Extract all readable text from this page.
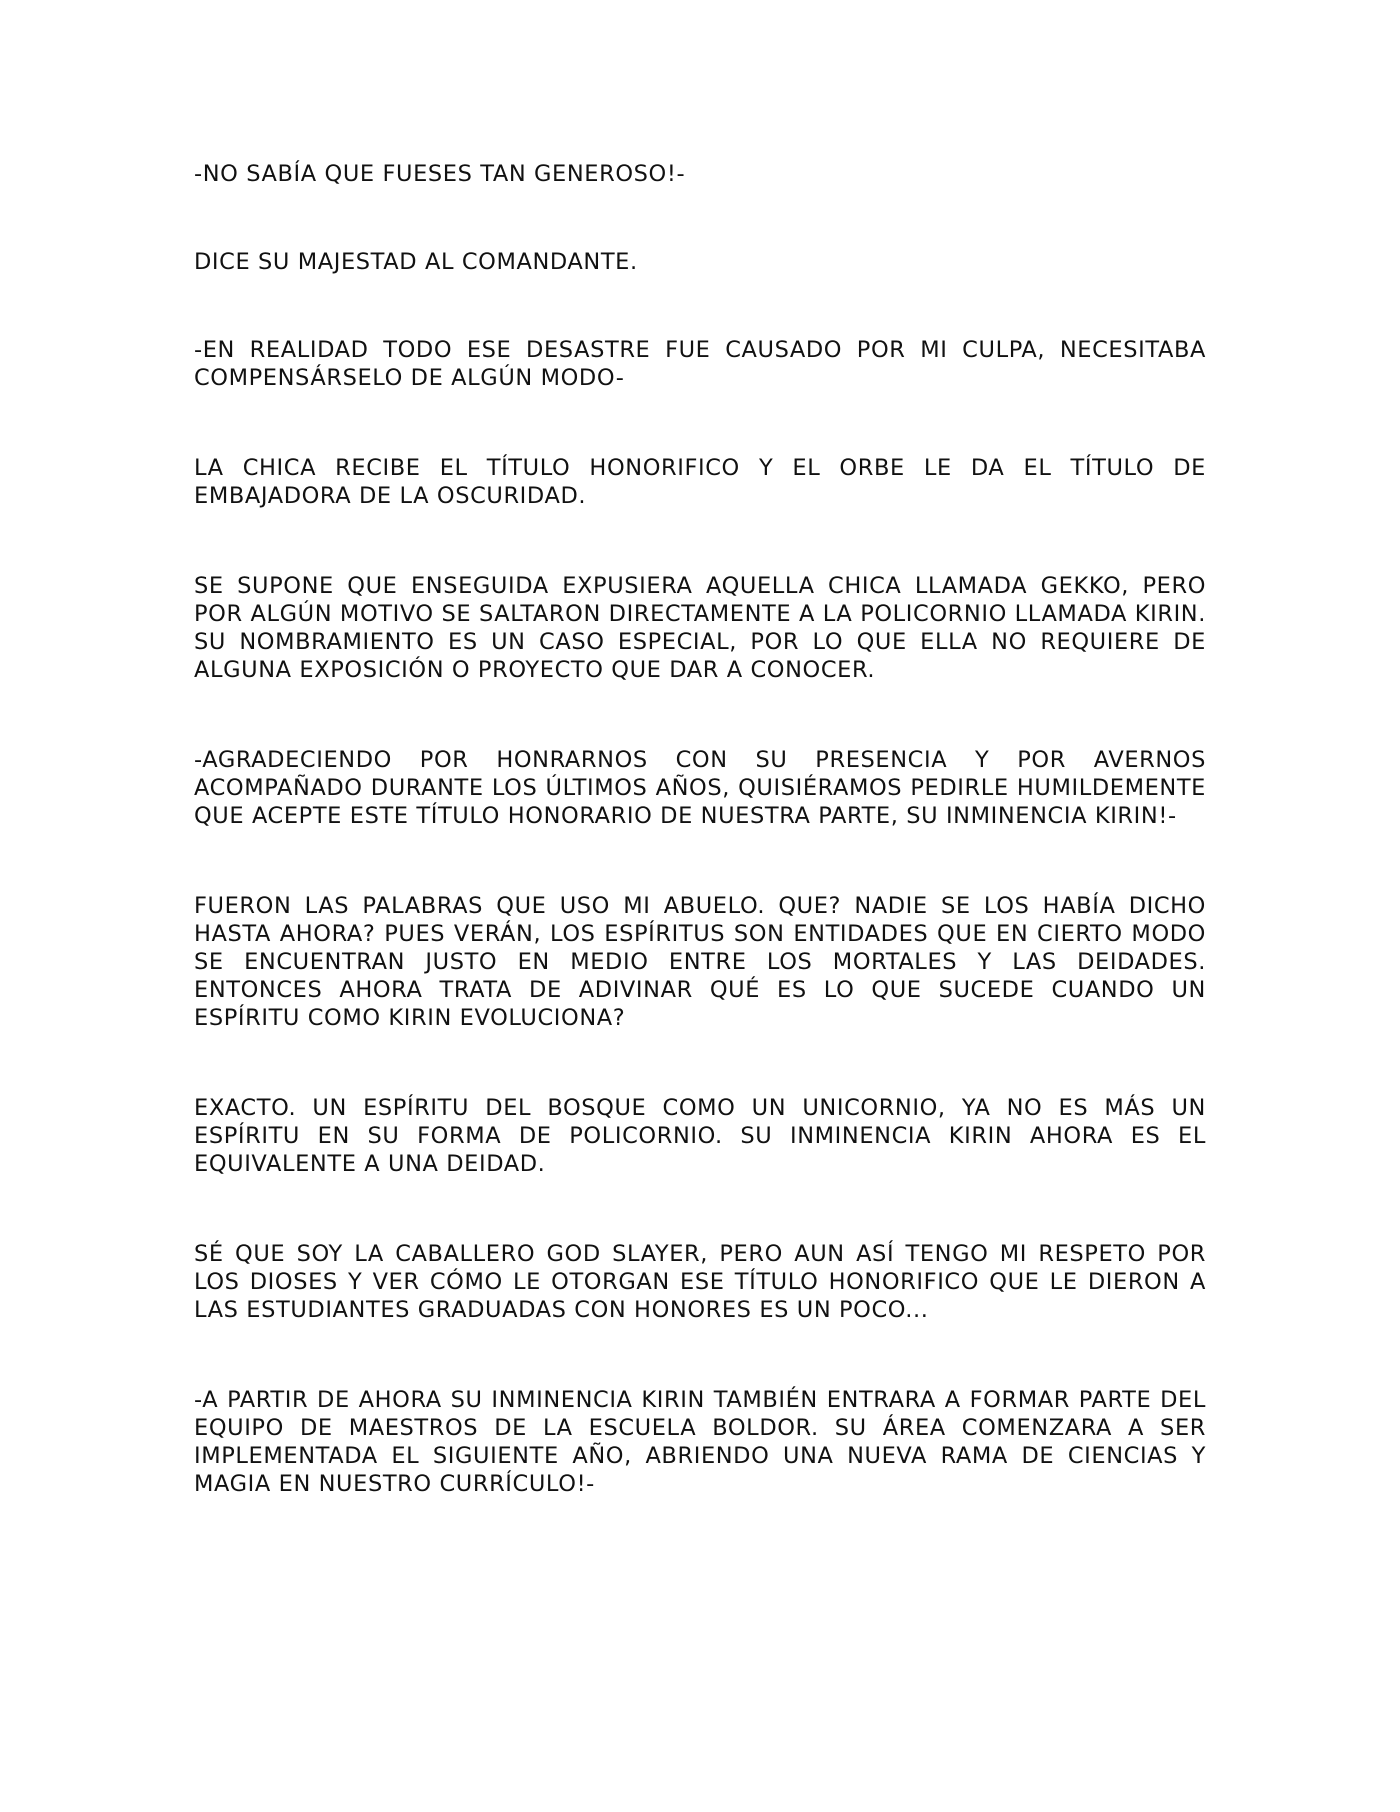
-NO SABÍA QUE FUESES TAN GENEROSO!-

DICE SU MAJESTAD AL COMANDANTE.

-EN REALIDAD TODO ESE DESASTRE FUE CAUSADO POR MI CULPA, NECESITABA COMPENSÁRSELO DE ALGÚN MODO-

LA CHICA RECIBE EL TÍTULO HONORIFICO Y EL ORBE LE DA EL TÍTULO DE EMBAJADORA DE LA OSCURIDAD.

SE SUPONE QUE ENSEGUIDA EXPUSIERA AQUELLA CHICA LLAMADA GEKKO, PERO POR ALGÚN MOTIVO SE SALTARON DIRECTAMENTE A LA POLICORNIO LLAMADA KIRIN. SU NOMBRAMIENTO ES UN CASO ESPECIAL, POR LO QUE ELLA NO REQUIERE DE ALGUNA EXPOSICIÓN O PROYECTO QUE DAR A CONOCER.

-AGRADECIENDO POR HONRARNOS CON SU PRESENCIA Y POR AVERNOS ACOMPAÑADO DURANTE LOS ÚLTIMOS AÑOS, QUISIÉRAMOS PEDIRLE HUMILDEMENTE QUE ACEPTE ESTE TÍTULO HONORARIO DE NUESTRA PARTE, SU INMINENCIA KIRIN!-

FUERON LAS PALABRAS QUE USO MI ABUELO. QUE? NADIE SE LOS HABÍA DICHO HASTA AHORA? PUES VERÁN, LOS ESPÍRITUS SON ENTIDADES QUE EN CIERTO MODO SE ENCUENTRAN JUSTO EN MEDIO ENTRE LOS MORTALES Y LAS DEIDADES. ENTONCES AHORA TRATA DE ADIVINAR QUÉ ES LO QUE SUCEDE CUANDO UN ESPÍRITU COMO KIRIN EVOLUCIONA?

EXACTO. UN ESPÍRITU DEL BOSQUE COMO UN UNICORNIO, YA NO ES MÁS UN ESPÍRITU EN SU FORMA DE POLICORNIO. SU INMINENCIA KIRIN AHORA ES EL EQUIVALENTE A UNA DEIDAD.

SÉ QUE SOY LA CABALLERO GOD SLAYER, PERO AUN ASÍ TENGO MI RESPETO POR LOS DIOSES Y VER CÓMO LE OTORGAN ESE TÍTULO HONORIFICO QUE LE DIERON A LAS ESTUDIANTES GRADUADAS CON HONORES ES UN POCO...

-A PARTIR DE AHORA SU INMINENCIA KIRIN TAMBIÉN ENTRARA A FORMAR PARTE DEL EQUIPO DE MAESTROS DE LA ESCUELA BOLDOR. SU ÁREA COMENZARA A SER IMPLEMENTADA EL SIGUIENTE AÑO, ABRIENDO UNA NUEVA RAMA DE CIENCIAS Y MAGIA EN NUESTRO CURRÍCULO!-
